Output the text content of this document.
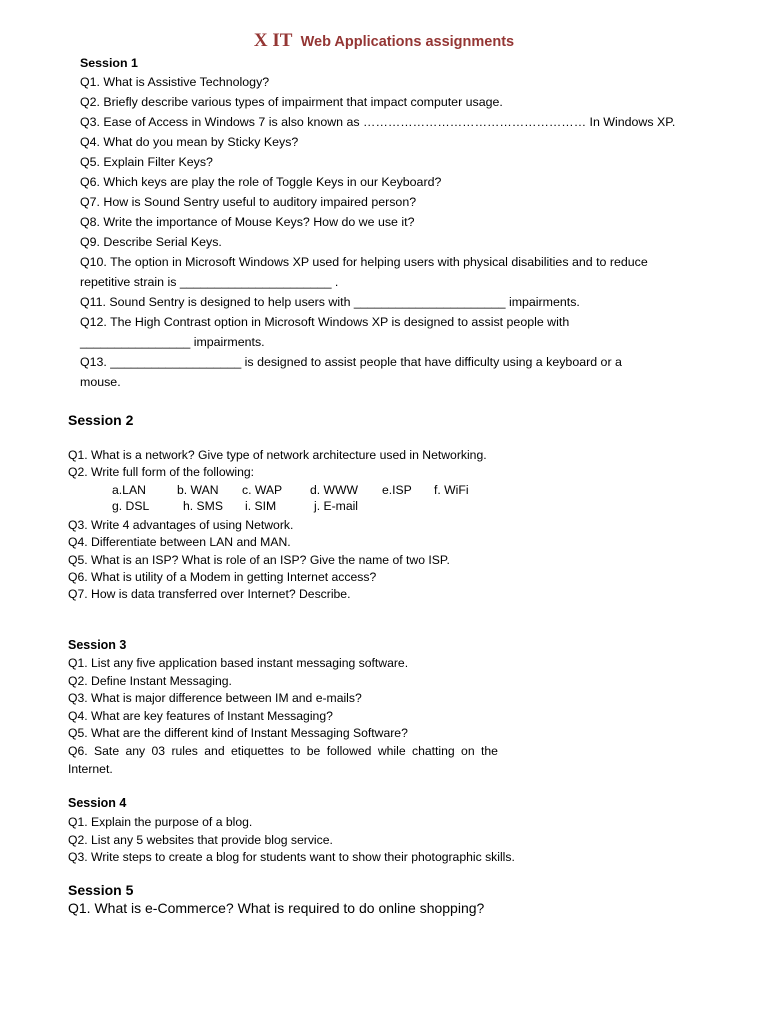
X IT Web Applications assignments
Session 1
Q1. What is Assistive Technology?
Q2. Briefly describe various types of impairment that impact computer usage.
Q3. Ease of Access in Windows 7 is also known as ……………………………………………… In Windows XP.
Q4. What do you mean by Sticky Keys?
Q5. Explain Filter Keys?
Q6. Which keys are play the role of Toggle Keys in our Keyboard?
Q7. How is Sound Sentry useful to auditory impaired person?
Q8. Write the importance of Mouse Keys? How do we use it?
Q9. Describe Serial Keys.
Q10. The option in Microsoft Windows XP used for helping users with physical disabilities and to reduce
repetitive strain is ______________________ .
Q11. Sound Sentry is designed to help users with ______________________ impairments.
Q12. The High Contrast option in Microsoft Windows XP is designed to assist people with
________________ impairments.
Q13. ___________________ is designed to assist people that have difficulty using a keyboard or a
mouse.
Session 2
Q1. What is a network? Give type of network architecture used in Networking.
Q2. Write full form of the following:
a.LAN	b. WAN c. WAP d. WWW e.ISP f. WiFi
g. DSL	h. SMS i. SIM	j. E-mail
Q3. Write 4 advantages of using Network.
Q4. Differentiate between LAN and MAN.
Q5. What is an ISP? What is role of an ISP? Give the name of two ISP.
Q6. What is utility of a Modem in getting Internet access?
Q7. How is data transferred over Internet? Describe.
Session 3
Q1. List any five application based instant messaging software.
Q2. Define Instant Messaging.
Q3. What is major difference between IM and e-mails?
Q4. What are key features of Instant Messaging?
Q5. What are the different kind of Instant Messaging Software?
Q6. Sate any 03 rules and etiquettes to be followed while chatting on the
Internet.
Session 4
Q1. Explain the purpose of a blog.
Q2. List any 5 websites that provide blog service.
Q3. Write steps to create a blog for students want to show their photographic skills.
Session 5
Q1. What is e-Commerce? What is required to do online shopping?
